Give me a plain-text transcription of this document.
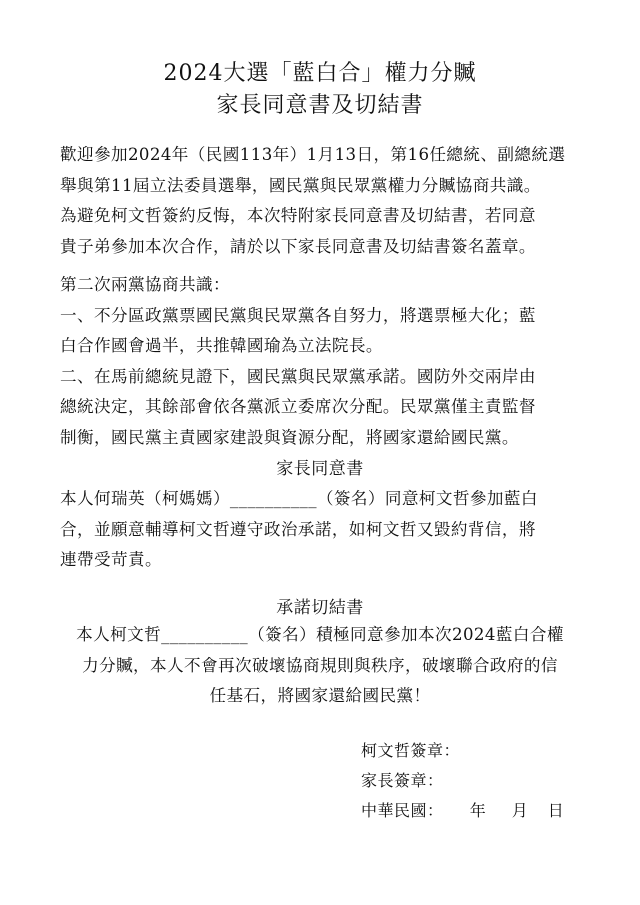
2024大選「藍白合」權力分贓
家長同意書及切結書
歡迎參加2024年（民國113年）1月13日，第16任總統、副總統選
舉與第11屆立法委員選舉，國民黨與民眾黨權力分贓協商共識。
為避免柯文哲簽約反悔，本次特附家長同意書及切結書，若同意
貴子弟參加本次合作，請於以下家長同意書及切結書簽名蓋章。
第二次兩黨協商共識：
一、不分區政黨票國民黨與民眾黨各自努力，將選票極大化；藍
白合作國會過半，共推韓國瑜為立法院長。
二、在馬前總統見證下，國民黨與民眾黨承諾。國防外交兩岸由
總統決定，其餘部會依各黨派立委席次分配。民眾黨僅主責監督
制衡，國民黨主責國家建設與資源分配，將國家還給國民黨。
家長同意書
本人何瑞英（柯媽媽）__________（簽名）同意柯文哲參加藍白
合，並願意輔導柯文哲遵守政治承諾，如柯文哲又毀約背信，將
連帶受苛責。
承諾切結書
本人柯文哲__________（簽名）積極同意參加本次2024藍白合權
力分贓，本人不會再次破壞協商規則與秩序，破壞聯合政府的信
任基石，將國家還給國民黨！
柯文哲簽章：
家長簽章：
中華民國： 年 月 日
